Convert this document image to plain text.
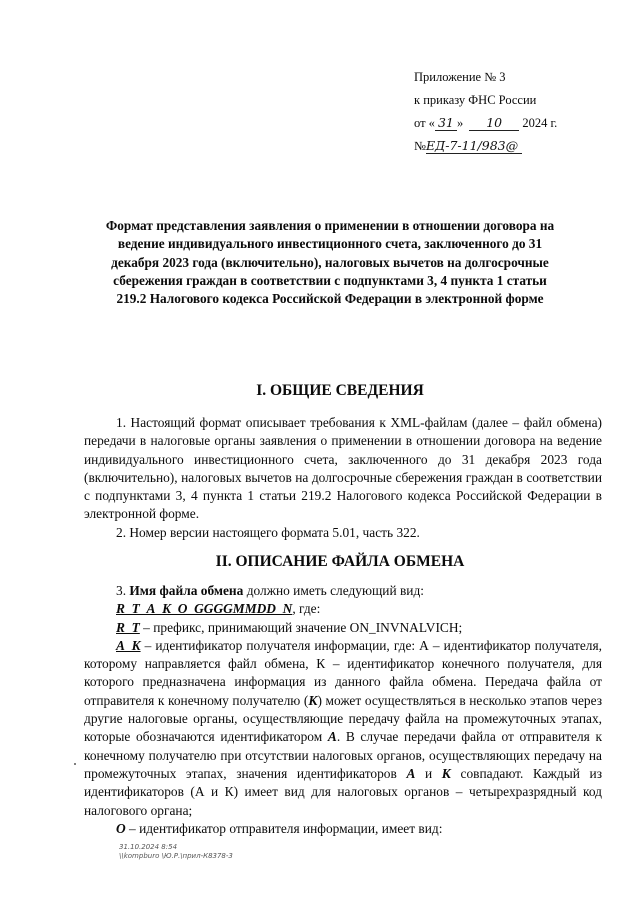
Приложение № 3
к приказу ФНС России
от « 31 » 10 2024 г.
№ЕД-7-11/983@
Формат представления заявления о применении в отношении договора на ведение индивидуального инвестиционного счета, заключенного до 31 декабря 2023 года (включительно), налоговых вычетов на долгосрочные сбережения граждан в соответствии с подпунктами 3, 4 пункта 1 статьи 219.2 Налогового кодекса Российской Федерации в электронной форме
I. ОБЩИЕ СВЕДЕНИЯ

1. Настоящий формат описывает требования к XML-файлам (далее – файл обмена) передачи в налоговые органы заявления о применении в отношении договора на ведение индивидуального инвестиционного счета, заключенного до 31 декабря 2023 года (включительно), налоговых вычетов на долгосрочные сбережения граждан в соответствии с подпунктами 3, 4 пункта 1 статьи 219.2 Налогового кодекса Российской Федерации в электронной форме.

2. Номер версии настоящего формата 5.01, часть 322.

II. ОПИСАНИЕ ФАЙЛА ОБМЕНА

3. Имя файла обмена должно иметь следующий вид:

R_T_A_K_O_GGGGMMDD_N, где:

R_T – префикс, принимающий значение ON_INVNALVICH;

A_K – идентификатор получателя информации, где: А – идентификатор получателя, которому направляется файл обмена, К – идентификатор конечного получателя, для которого предназначена информация из данного файла обмена. Передача файла от отправителя к конечному получателю (К) может осуществляться в несколько этапов через другие налоговые органы, осуществляющие передачу файла на промежуточных этапах, которые обозначаются идентификатором А. В случае передачи файла от отправителя к конечному получателю при отсутствии налоговых органов, осуществляющих передачу на промежуточных этапах, значения идентификаторов А и К совпадают. Каждый из идентификаторов (А и К) имеет вид для налоговых органов – четырехразрядный код налогового органа;

O – идентификатор отправителя информации, имеет вид:

31.10.2024 8:54
\\kompburo \Ю.Р.\прил-К8378-3
